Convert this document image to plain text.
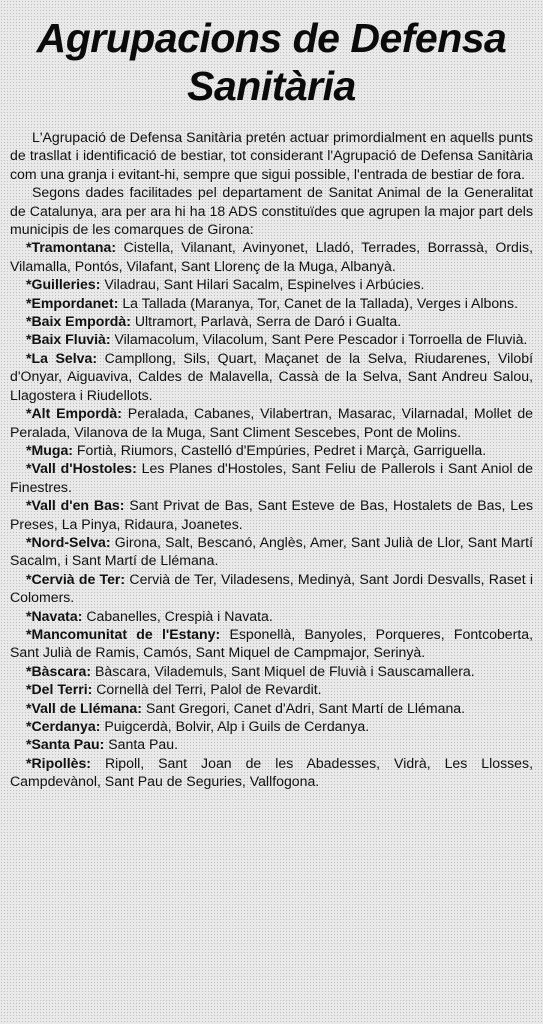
Agrupacions de Defensa
Sanitària

L'Agrupació de Defensa Sanitària pretén actuar primordialment en aquells punts de trasllat i identificació de bestiar, tot considerant l'Agrupació de Defensa Sanitària com una granja i evitant-hi, sempre que sigui possible, l'entrada de bestiar de fora.

Segons dades facilitades pel departament de Sanitat Animal de la Generalitat de Catalunya, ara per ara hi ha 18 ADS constituïdes que agrupen la major part dels municipis de les comarques de Girona:

*Tramontana: Cistella, Vilanant, Avinyonet, Lladó, Terrades, Borrassà, Ordis, Vilamalla, Pontós, Vilafant, Sant Llorenç de la Muga, Albanyà.
*Guilleries: Viladrau, Sant Hilari Sacalm, Espinelves i Arbúcies.
*Empordanet: La Tallada (Maranya, Tor, Canet de la Tallada), Verges i Albons.
*Baix Empordà: Ultramort, Parlavà, Serra de Daró i Gualta.
*Baix Fluvià: Vilamacolum, Vilacolum, Sant Pere Pescador i Torroella de Fluvià.
*La Selva: Campllong, Sils, Quart, Maçanet de la Selva, Riudarenes, Vilobí d'Onyar, Aiguaviva, Caldes de Malavella, Cassà de la Selva, Sant Andreu Salou, Llagostera i Riudellots.
*Alt Empordà: Peralada, Cabanes, Vilabertran, Masarac, Vilarnadal, Mollet de Peralada, Vilanova de la Muga, Sant Climent Sescebes, Pont de Molins.
*Muga: Fortià, Riumors, Castelló d'Empúries, Pedret i Marçà, Garriguella.
*Vall d'Hostoles: Les Planes d'Hostoles, Sant Feliu de Pallerols i Sant Aniol de Finestres.
*Vall d'en Bas: Sant Privat de Bas, Sant Esteve de Bas, Hostalets de Bas, Les Preses, La Pinya, Ridaura, Joanetes.
*Nord-Selva: Girona, Salt, Bescanó, Anglès, Amer, Sant Julià de Llor, Sant Martí Sacalm, i Sant Martí de Llémana.
*Cervià de Ter: Cervià de Ter, Viladesens, Medinyà, Sant Jordi Desvalls, Raset i Colomers.
*Navata: Cabanelles, Crespià i Navata.
*Mancomunitat de l'Estany: Esponellà, Banyoles, Porqueres, Fontcoberta, Sant Julià de Ramis, Camós, Sant Miquel de Campmajor, Serinyà.
*Bàscara: Bàscara, Vilademuls, Sant Miquel de Fluvià i Sauscamallera.
*Del Terri: Cornellà del Terri, Palol de Revardit.
*Vall de Llémana: Sant Gregori, Canet d'Adri, Sant Martí de Llémana.
*Cerdanya: Puigcerdà, Bolvir, Alp i Guils de Cerdanya.
*Santa Pau: Santa Pau.
*Ripollès: Ripoll, Sant Joan de les Abadesses, Vidrà, Les Llosses, Campdevànol, Sant Pau de Seguries, Vallfogona.
